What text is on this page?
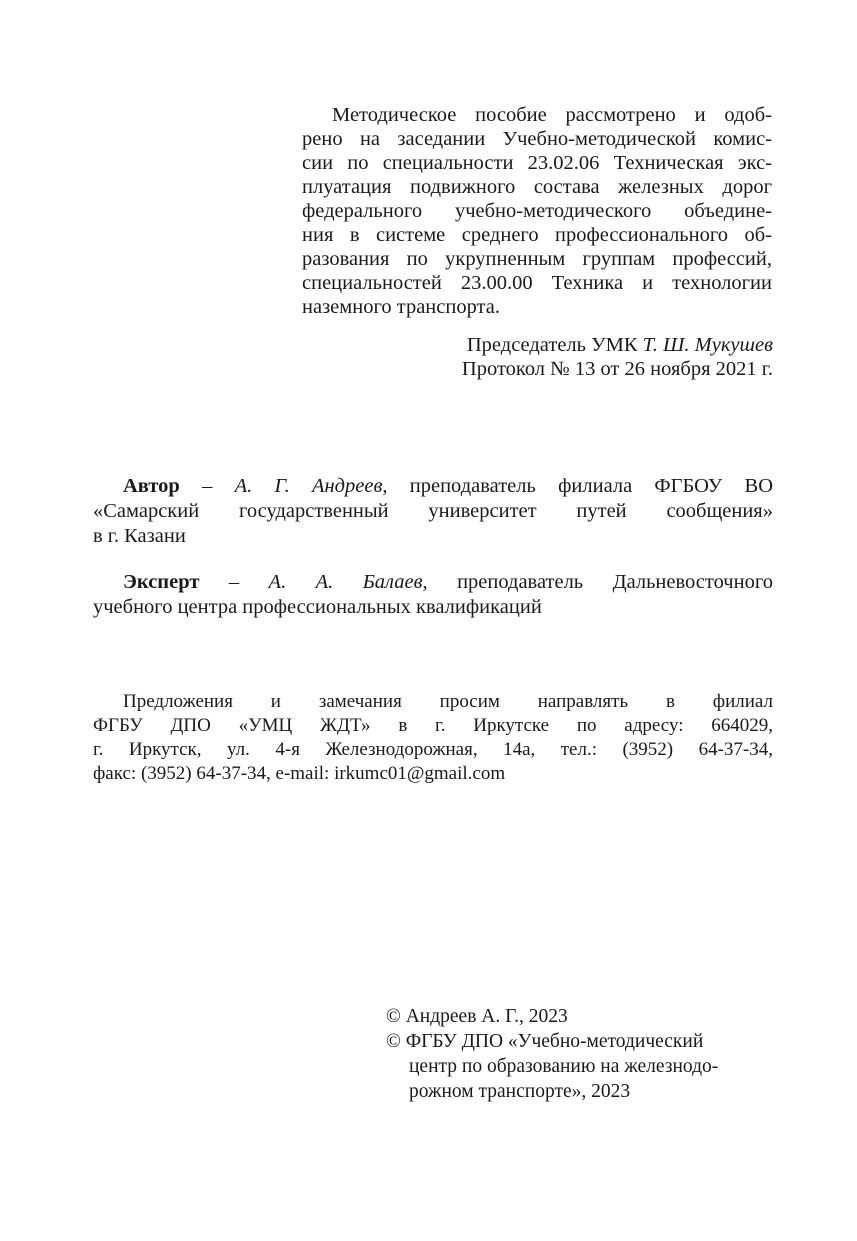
Методическое пособие рассмотрено и одоб-
рено на заседании Учебно-методической комис-
сии по специальности 23.02.06 Техническая экс-
плуатация подвижного состава железных дорог
федерального учебно-методического объедине-
ния в системе среднего профессионального об-
разования по укрупненным группам профессий,
специальностей 23.00.00 Техника и технологии
наземного транспорта.
Председатель УМК Т. Ш. Мукушев
Протокол № 13 от 26 ноября 2021 г.
Автор – А. Г. Андреев, преподаватель филиала ФГБОУ ВО
«Самарский государственный университет путей сообщения»
в г. Казани
Эксперт – А. А. Балаев, преподаватель Дальневосточного
учебного центра профессиональных квалификаций
Предложения и замечания просим направлять в филиал
ФГБУ ДПО «УМЦ ЖДТ» в г. Иркутске по адресу: 664029,
г. Иркутск, ул. 4-я Железнодорожная, 14а, тел.: (3952) 64-37-34,
факс: (3952) 64-37-34, e-mail: irkumc01@gmail.com
© Андреев А. Г., 2023
© ФГБУ ДПО «Учебно-методический
центр по образованию на железнодо-
рожном транспорте», 2023
